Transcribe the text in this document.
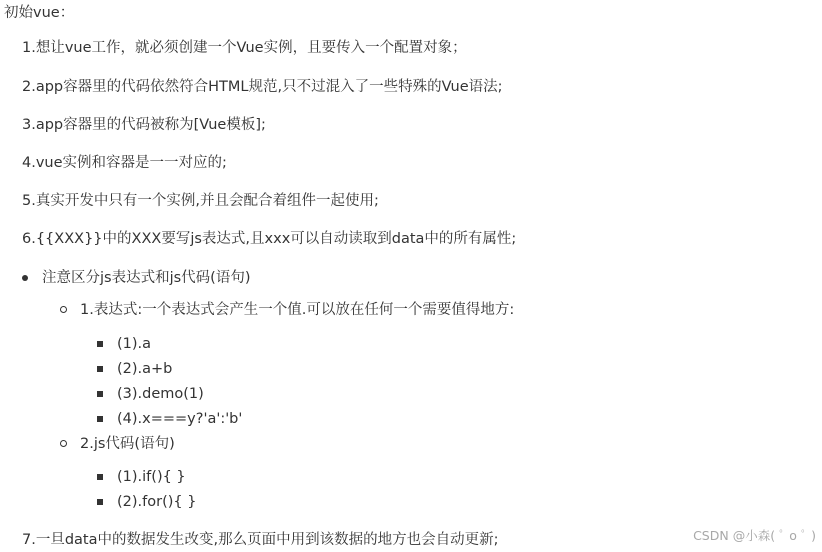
初始vue：
1.想让vue工作，就必须创建一个Vue实例，且要传入一个配置对象；
2.app容器里的代码依然符合HTML规范,只不过混入了一些特殊的Vue语法;
3.app容器里的代码被称为[Vue模板];
4.vue实例和容器是一一对应的;
5.真实开发中只有一个实例,并且会配合着组件一起使用;
6.{{XXX}}中的XXX要写js表达式,且xxx可以自动读取到data中的所有属性;
注意区分js表达式和js代码(语句)
1.表达式:一个表达式会产生一个值.可以放在任何一个需要值得地方:
(1).a
(2).a+b
(3).demo(1)
(4).x===y?'a':'b'
2.js代码(语句)
(1).if(){ }
(2).for(){ }
7.一旦data中的数据发生改变,那么页面中用到该数据的地方也会自动更新;	CSDN @小森( ﾟ o ﾟ )
